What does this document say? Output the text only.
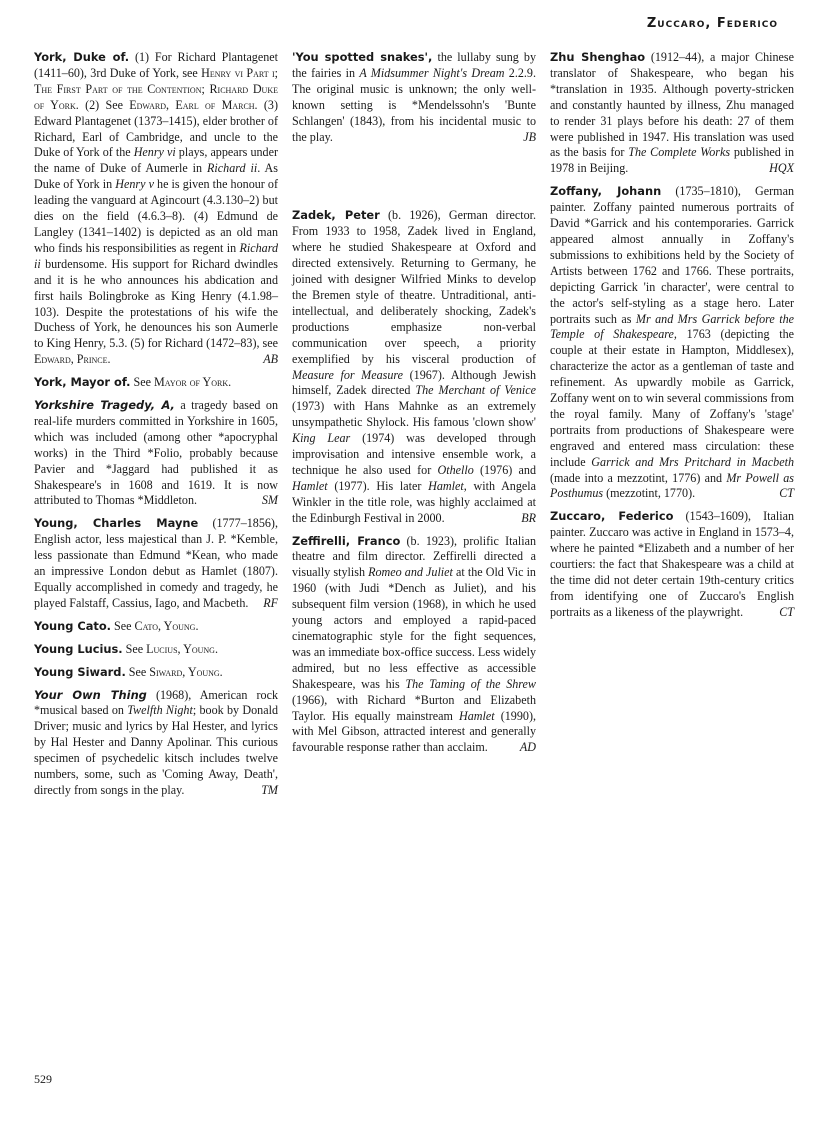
Zuccaro, Federico

York, Duke of. (1) For Richard Plantagenet (1411–60), 3rd Duke of York, see Henry vi Part i; The First Part of the Contention; Richard Duke of York. (2) See Edward, Earl of March. (3) Edward Plantagenet (1373–1415), elder brother of Richard, Earl of Cambridge, and uncle to the Duke of York of the Henry vi plays, appears under the name of Duke of Aumerle in Richard ii. As Duke of York in Henry v he is given the honour of leading the vanguard at Agincourt (4.3.130–2) but dies on the field (4.6.3–8). (4) Edmund de Langley (1341–1402) is depicted as an old man who finds his responsibilities as regent in Richard ii burdensome. His support for Richard dwindles and it is he who announces his abdication and first hails Bolingbroke as King Henry (4.1.98–103). Despite the protestations of his wife the Duchess of York, he denounces his son Aumerle to King Henry, 5.3. (5) for Richard (1472–83), see Edward, Prince.	AB

York, Mayor of. See Mayor of York.

Yorkshire Tragedy, A, a tragedy based on real-life murders committed in Yorkshire in 1605, which was included (among other *apocryphal works) in the Third *Folio, probably because Pavier and *Jaggard had published it as Shakespeare's in 1608 and 1619. It is now attributed to Thomas *Middleton.	SM

Young, Charles Mayne (1777–1856), English actor, less majestical than J. P. *Kemble, less passionate than Edmund *Kean, who made an impressive London debut as Hamlet (1807). Equally accomplished in comedy and tragedy, he played Falstaff, Cassius, Iago, and Macbeth.	RF

Young Cato. See Cato, Young.

Young Lucius. See Lucius, Young.

Young Siward. See Siward, Young.

Your Own Thing (1968), American rock *musical based on Twelfth Night; book by Donald Driver; music and lyrics by Hal Hester, and lyrics by Hal Hester and Danny Apolinar. This curious specimen of psychedelic kitsch includes twelve numbers, some, such as 'Coming Away, Death', directly from songs in the play.	TM

'You spotted snakes', the lullaby sung by the fairies in A Midsummer Night's Dream 2.2.9. The original music is unknown; the only well-known setting is *Mendelssohn's 'Bunte Schlangen' (1843), from his incidental music to the play.	JB

Zadek, Peter (b. 1926), German director. From 1933 to 1958, Zadek lived in England, where he studied Shakespeare at Oxford and directed extensively. Returning to Germany, he joined with designer Wilfried Minks to develop the Bremen style of theatre. Untraditional, anti-intellectual, and deliberately shocking, Zadek's productions emphasize non-verbal communication over speech, a priority exemplified by his visceral production of Measure for Measure (1967). Although Jewish himself, Zadek directed The Merchant of Venice (1973) with Hans Mahnke as an extremely unsympathetic Shylock. His famous 'clown show' King Lear (1974) was developed through improvisation and intensive ensemble work, a technique he also used for Othello (1976) and Hamlet (1977). His later Hamlet, with Angela Winkler in the title role, was highly acclaimed at the Edinburgh Festival in 2000.	BR

Zeffirelli, Franco (b. 1923), prolific Italian theatre and film director. Zeffirelli directed a visually stylish Romeo and Juliet at the Old Vic in 1960 (with Judi *Dench as Juliet), and his subsequent film version (1968), in which he used young actors and employed a rapid-paced cinematographic style for the fight sequences, was an immediate box-office success. Less widely admired, but no less effective as accessible Shakespeare, was his The Taming of the Shrew (1966), with Richard *Burton and Elizabeth Taylor. His equally mainstream Hamlet (1990), with Mel Gibson, attracted interest and generally favourable response rather than acclaim.	AD

Zhu Shenghao (1912–44), a major Chinese translator of Shakespeare, who began his *translation in 1935. Although poverty-stricken and constantly haunted by illness, Zhu managed to render 31 plays before his death: 27 of them were published in 1947. His translation was used as the basis for The Complete Works published in 1978 in Beijing.	HQX

Zoffany, Johann (1735–1810), German painter. Zoffany painted numerous portraits of David *Garrick and his contemporaries. Garrick appeared almost annually in Zoffany's submissions to exhibitions held by the Society of Artists between 1762 and 1766. These portraits, depicting Garrick 'in character', were central to the actor's self-styling as a stage hero. Later portraits such as Mr and Mrs Garrick before the Temple of Shakespeare, 1763 (depicting the couple at their estate in Hampton, Middlesex), characterize the actor as a gentleman of taste and refinement. As upwardly mobile as Garrick, Zoffany went on to win several commissions from the royal family. Many of Zoffany's 'stage' portraits from productions of Shakespeare were engraved and entered mass circulation: these include Garrick and Mrs Pritchard in Macbeth (made into a mezzotint, 1776) and Mr Powell as Posthumus (mezzotint, 1770).	CT

Zuccaro, Federico (1543–1609), Italian painter. Zuccaro was active in England in 1573–4, where he painted *Elizabeth and a number of her courtiers: the fact that Shakespeare was a child at the time did not deter certain 19th-century critics from identifying one of Zuccaro's English portraits as a likeness of the playwright.	CT

529
